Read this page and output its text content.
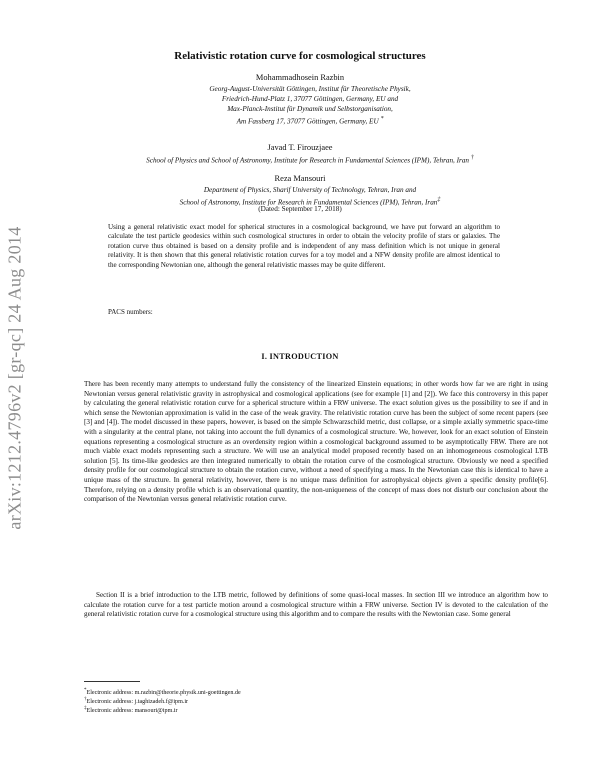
arXiv:1212.4796v2 [gr-qc] 24 Aug 2014
Relativistic rotation curve for cosmological structures
Mohammadhosein Razbin
Georg-August-Universität Göttingen, Institut für Theoretische Physik,
Friedrich-Hund-Platz 1, 37077 Göttingen, Germany, EU and
Max-Planck-Institut für Dynamik und Selbstorganisation,
Am Fassberg 17, 37077 Göttingen, Germany, EU *
Javad T. Firouzjaee
School of Physics and School of Astronomy, Institute for Research in Fundamental Sciences (IPM), Tehran, Iran †
Reza Mansouri
Department of Physics, Sharif University of Technology, Tehran, Iran and
School of Astronomy, Institute for Research in Fundamental Sciences (IPM), Tehran, Iran‡
(Dated: September 17, 2018)
Using a general relativistic exact model for spherical structures in a cosmological background, we have put forward an algorithm to calculate the test particle geodesics within such cosmological structures in order to obtain the velocity profile of stars or galaxies. The rotation curve thus obtained is based on a density profile and is independent of any mass definition which is not unique in general relativity. It is then shown that this general relativistic rotation curves for a toy model and a NFW density profile are almost identical to the corresponding Newtonian one, although the general relativistic masses may be quite different.
PACS numbers:
I. INTRODUCTION
There has been recently many attempts to understand fully the consistency of the linearized Einstein equations; in other words how far we are right in using Newtonian versus general relativistic gravity in astrophysical and cosmological applications (see for example [1] and [2]). We face this controversy in this paper by calculating the general relativistic rotation curve for a spherical structure within a FRW universe. The exact solution gives us the possibility to see if and in which sense the Newtonian approximation is valid in the case of the weak gravity. The relativistic rotation curve has been the subject of some recent papers (see [3] and [4]). The model discussed in these papers, however, is based on the simple Schwarzschild metric, dust collapse, or a simple axially symmetric space-time with a singularity at the central plane, not taking into account the full dynamics of a cosmological structure. We, however, look for an exact solution of Einstein equations representing a cosmological structure as an overdensity region within a cosmological background assumed to be asymptotically FRW. There are not much viable exact models representing such a structure. We will use an analytical model proposed recently based on an inhomogeneous cosmological LTB solution [5]. Its time-like geodesics are then integrated numerically to obtain the rotation curve of the cosmological structure. Obviously we need a specified density profile for our cosmological structure to obtain the rotation curve, without a need of specifying a mass. In the Newtonian case this is identical to have a unique mass of the structure. In general relativity, however, there is no unique mass definition for astrophysical objects given a specific density profile[6]. Therefore, relying on a density profile which is an observational quantity, the non-uniqueness of the concept of mass does not disturb our conclusion about the comparison of the Newtonian versus general relativistic rotation curve.
Section II is a brief introduction to the LTB metric, followed by definitions of some quasi-local masses. In section III we introduce an algorithm how to calculate the rotation curve for a test particle motion around a cosmological structure within a FRW universe. Section IV is devoted to the calculation of the general relativistic rotation curve for a cosmological structure using this algorithm and to compare the results with the Newtonian case. Some general
*Electronic address: m.razbin@theorie.physik.uni-goettingen.de
†Electronic address: j.taghizadeh.f@ipm.ir
‡Electronic address: mansouri@ipm.ir
